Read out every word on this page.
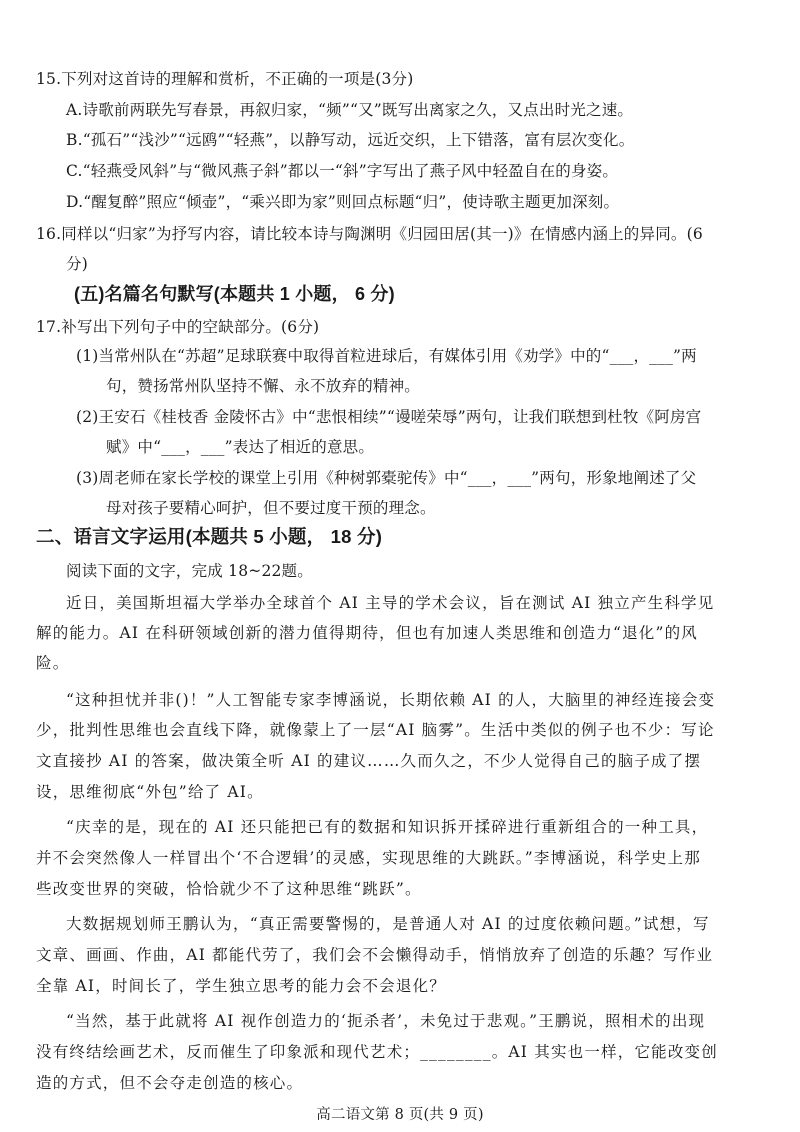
15.下列对这首诗的理解和赏析，不正确的一项是(3分)
A.诗歌前两联先写春景，再叙归家，“频”“又”既写出离家之久，又点出时光之速。
B.“孤石”“浅沙”“远鸥”“轻燕”，以静写动，远近交织，上下错落，富有层次变化。
C.“轻燕受风斜”与“微风燕子斜”都以一“斜”字写出了燕子风中轻盈自在的身姿。
D.“醒复醉”照应“倾壶”，“乘兴即为家”则回点标题“归”，使诗歌主题更加深刻。
16.同样以“归家”为抒写内容，请比较本诗与陶渊明《归园田居(其一)》在情感内涵上的异同。(6
分)
(五)名篇名句默写(本题共 1 小题， 6 分)
17.补写出下列句子中的空缺部分。(6分)
(1)当常州队在“苏超”足球联赛中取得首粒进球后，有媒体引用《劝学》中的“___，___”两
句，赞扬常州队坚持不懈、永不放弃的精神。
(2)王安石《桂枝香 金陵怀古》中“悲恨相续”“谩嗟荣辱”两句，让我们联想到杜牧《阿房宫
赋》中“___，___”表达了相近的意思。
(3)周老师在家长学校的课堂上引用《种树郭橐驼传》中“___，___”两句，形象地阐述了父
母对孩子要精心呵护，但不要过度干预的理念。
二、语言文字运用(本题共 5 小题， 18 分)
阅读下面的文字，完成 18~22题。
近日，美国斯坦福大学举办全球首个 AI 主导的学术会议，旨在测试 AI 独立产生科学见
解的能力。AI 在科研领域创新的潜力值得期待，但也有加速人类思维和创造力“退化”的风
险。
“这种担忧并非()！”人工智能专家李博涵说，长期依赖 AI 的人，大脑里的神经连接会变
少，批判性思维也会直线下降，就像蒙上了一层“AI 脑雾”。生活中类似的例子也不少：写论
文直接抄 AI 的答案，做决策全听 AI 的建议……久而久之，不少人觉得自己的脑子成了摆
设，思维彻底“外包”给了 AI。
“庆幸的是，现在的 AI 还只能把已有的数据和知识拆开揉碎进行重新组合的一种工具，
并不会突然像人一样冒出个‘不合逻辑’的灵感，实现思维的大跳跃。”李博涵说，科学史上那
些改变世界的突破，恰恰就少不了这种思维“跳跃”。
大数据规划师王鹏认为，“真正需要警惕的，是普通人对 AI 的过度依赖问题。”试想，写
文章、画画、作曲，AI 都能代劳了，我们会不会懒得动手，悄悄放弃了创造的乐趣？写作业
全靠 AI，时间长了，学生独立思考的能力会不会退化？
“当然，基于此就将 AI 视作创造力的‘扼杀者’，未免过于悲观。”王鹏说，照相术的出现
没有终结绘画艺术，反而催生了印象派和现代艺术；________。AI 其实也一样，它能改变创
造的方式，但不会夺走创造的核心。
高二语文第 8 页(共 9 页)
